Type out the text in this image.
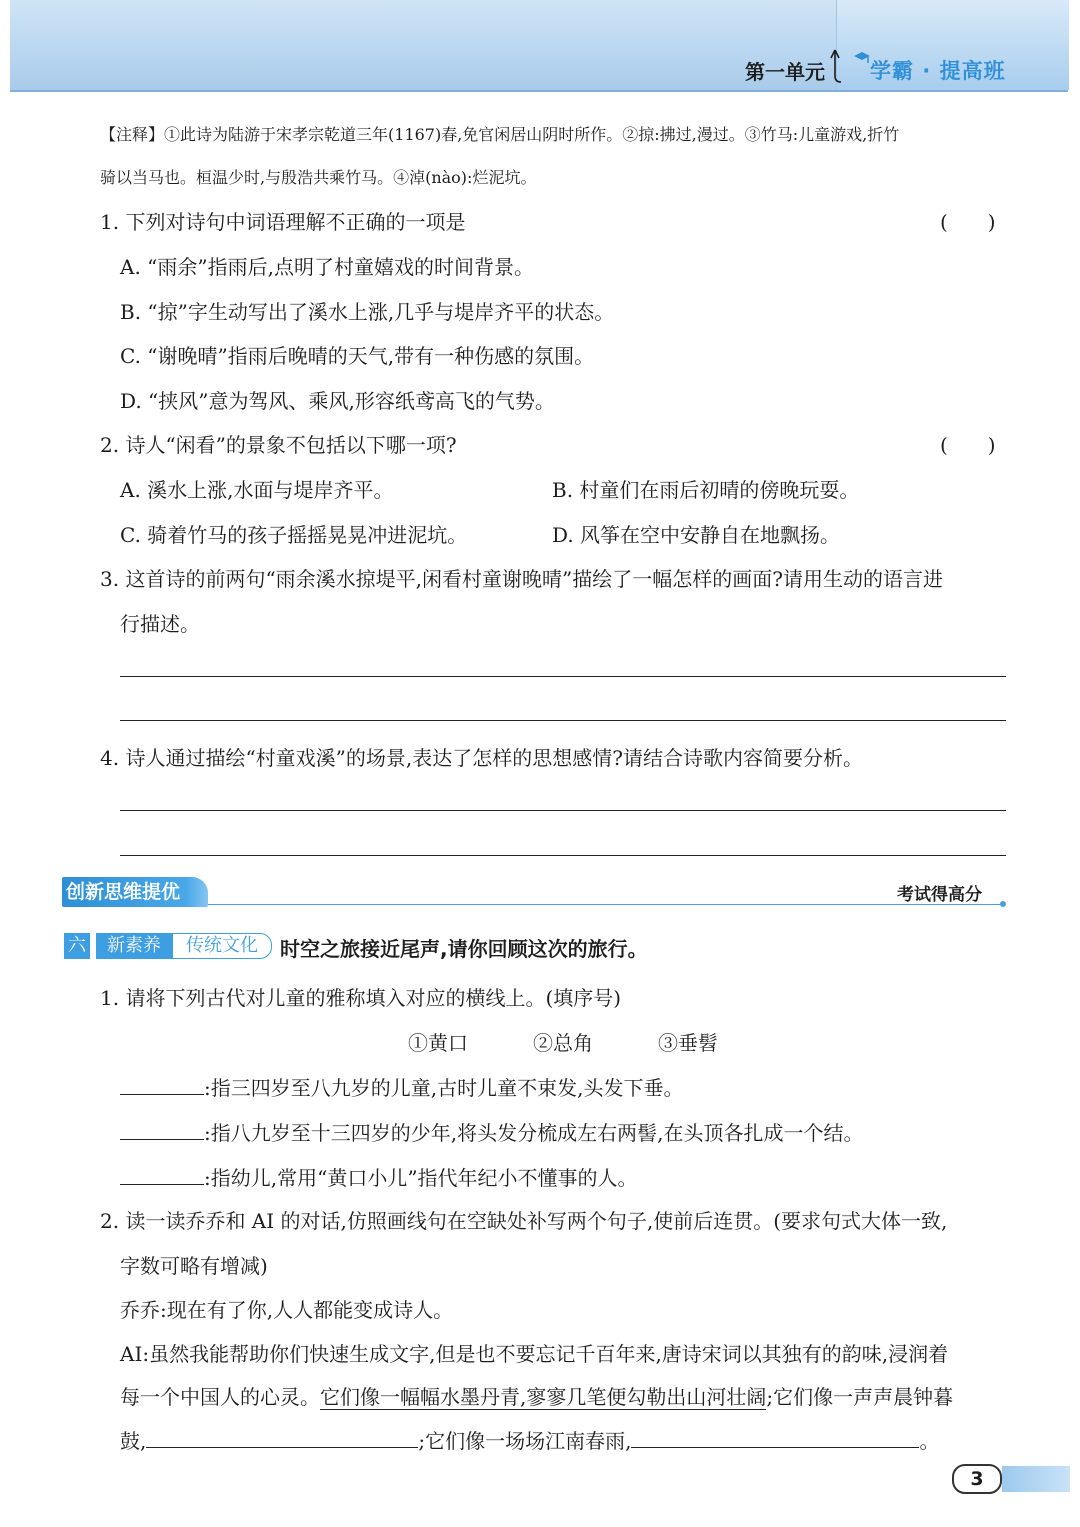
第一单元 学霸 · 提高班
【注释】①此诗为陆游于宋孝宗乾道三年(1167)春,免官闲居山阴时所作。②掠:拂过,漫过。③竹马:儿童游戏,折竹
骑以当马也。桓温少时,与殷浩共乘竹马。④淖(nào):烂泥坑。
1. 下列对诗句中词语理解不正确的一项是	(　　)
A. “雨余”指雨后,点明了村童嬉戏的时间背景。
B. “掠”字生动写出了溪水上涨,几乎与堤岸齐平的状态。
C. “谢晚晴”指雨后晚晴的天气,带有一种伤感的氛围。
D. “挟风”意为驾风、乘风,形容纸鸢高飞的气势。
2. 诗人“闲看”的景象不包括以下哪一项?	(　　)
A. 溪水上涨,水面与堤岸齐平。	B. 村童们在雨后初晴的傍晚玩耍。
C. 骑着竹马的孩子摇摇晃晃冲进泥坑。	D. 风筝在空中安静自在地飘扬。
3. 这首诗的前两句“雨余溪水掠堤平,闲看村童谢晚晴”描绘了一幅怎样的画面?请用生动的语言进
行描述。
4. 诗人通过描绘“村童戏溪”的场景,表达了怎样的思想感情?请结合诗歌内容简要分析。
创新思维提优	考试得高分
六	新素养	传统文化	时空之旅接近尾声,请你回顾这次的旅行。
1. 请将下列古代对儿童的雅称填入对应的横线上。(填序号)
①黄口	②总角	③垂髫
:指三四岁至八九岁的儿童,古时儿童不束发,头发下垂。
:指八九岁至十三四岁的少年,将头发分梳成左右两髻,在头顶各扎成一个结。
:指幼儿,常用“黄口小儿”指代年纪小不懂事的人。
2. 读一读乔乔和 AI 的对话,仿照画线句在空缺处补写两个句子,使前后连贯。(要求句式大体一致,
字数可略有增减)
乔乔:现在有了你,人人都能变成诗人。
AI:虽然我能帮助你们快速生成文字,但是也不要忘记千百年来,唐诗宋词以其独有的韵味,浸润着
每一个中国人的心灵。它们像一幅幅水墨丹青,寥寥几笔便勾勒出山河壮阔;它们像一声声晨钟暮
鼓,	;它们像一场场江南春雨,	。
3
